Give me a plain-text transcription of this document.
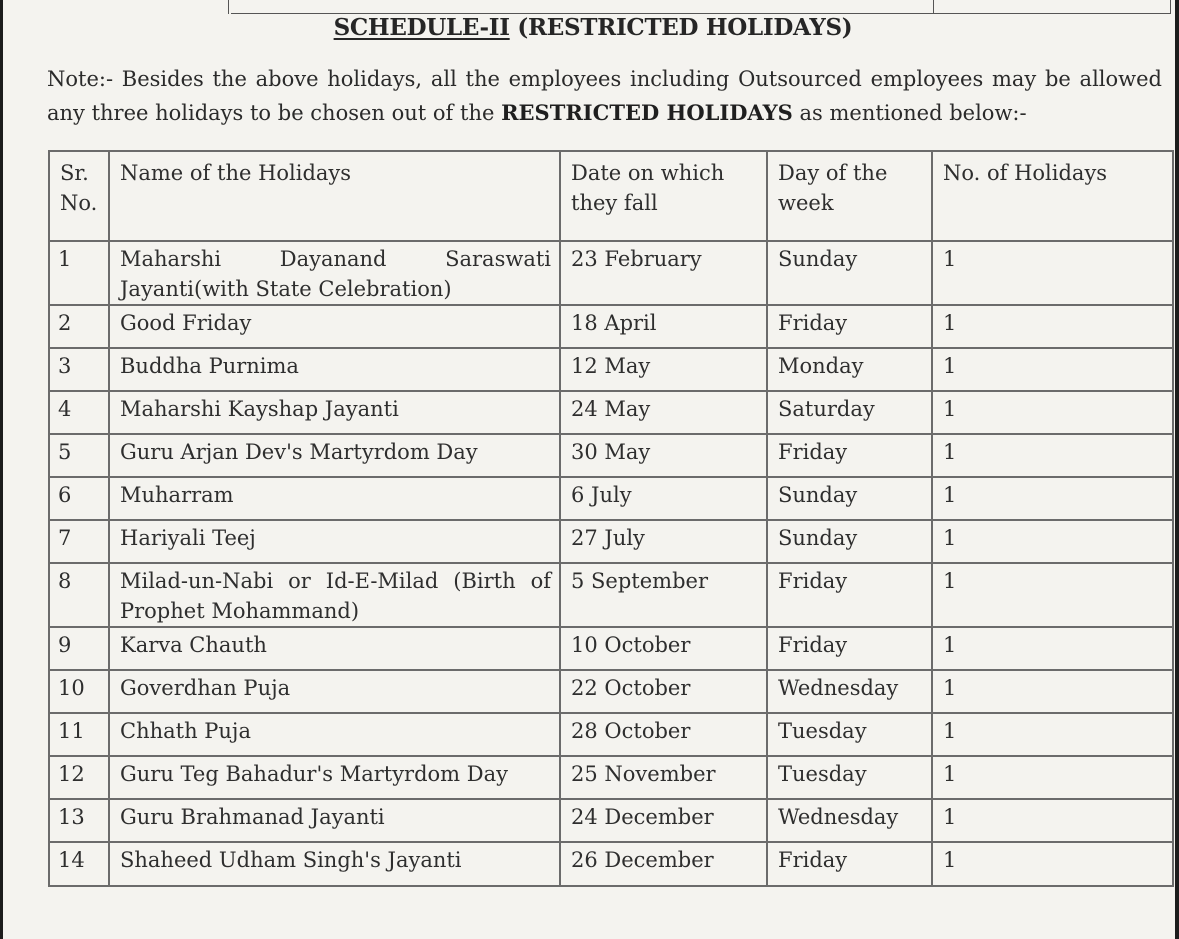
SCHEDULE-II (RESTRICTED HOLIDAYS)
Note:- Besides the above holidays, all the employees including Outsourced employees may be allowed any three holidays to be chosen out of the RESTRICTED HOLIDAYS as mentioned below:-
Sr. No.	Name of the Holidays	Date on which they fall	Day of the week	No. of Holidays
1	Maharshi Dayanand Saraswati Jayanti(with State Celebration)	23 February	Sunday	1
2	Good Friday	18 April	Friday	1
3	Buddha Purnima	12 May	Monday	1
4	Maharshi Kayshap Jayanti	24 May	Saturday	1
5	Guru Arjan Dev's Martyrdom Day	30 May	Friday	1
6	Muharram	6 July	Sunday	1
7	Hariyali Teej	27 July	Sunday	1
8	Milad-un-Nabi or Id-E-Milad (Birth of Prophet Mohammand)	5 September	Friday	1
9	Karva Chauth	10 October	Friday	1
10	Goverdhan Puja	22 October	Wednesday	1
11	Chhath Puja	28 October	Tuesday	1
12	Guru Teg Bahadur's Martyrdom Day	25 November	Tuesday	1
13	Guru Brahmanad Jayanti	24 December	Wednesday	1
14	Shaheed Udham Singh's Jayanti	26 December	Friday	1
